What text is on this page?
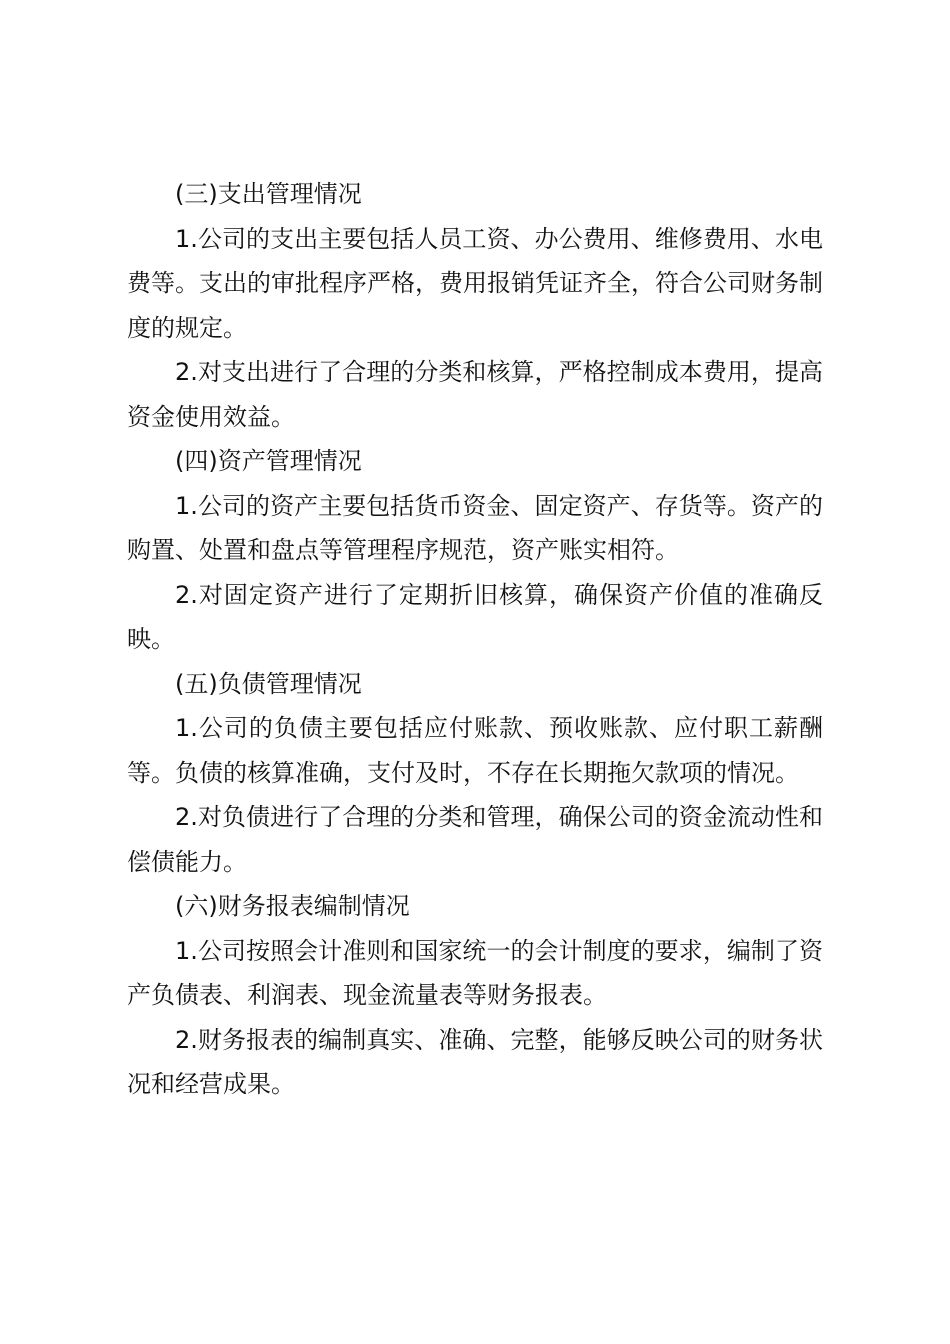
(三)支出管理情况

1.公司的支出主要包括人员工资、办公费用、维修费用、水电费等。支出的审批程序严格，费用报销凭证齐全，符合公司财务制度的规定。

2.对支出进行了合理的分类和核算，严格控制成本费用，提高资金使用效益。

(四)资产管理情况

1.公司的资产主要包括货币资金、固定资产、存货等。资产的购置、处置和盘点等管理程序规范，资产账实相符。

2.对固定资产进行了定期折旧核算，确保资产价值的准确反映。

(五)负债管理情况

1.公司的负债主要包括应付账款、预收账款、应付职工薪酬等。负债的核算准确，支付及时，不存在长期拖欠款项的情况。

2.对负债进行了合理的分类和管理，确保公司的资金流动性和偿债能力。

(六)财务报表编制情况

1.公司按照会计准则和国家统一的会计制度的要求，编制了资产负债表、利润表、现金流量表等财务报表。

2.财务报表的编制真实、准确、完整，能够反映公司的财务状况和经营成果。
